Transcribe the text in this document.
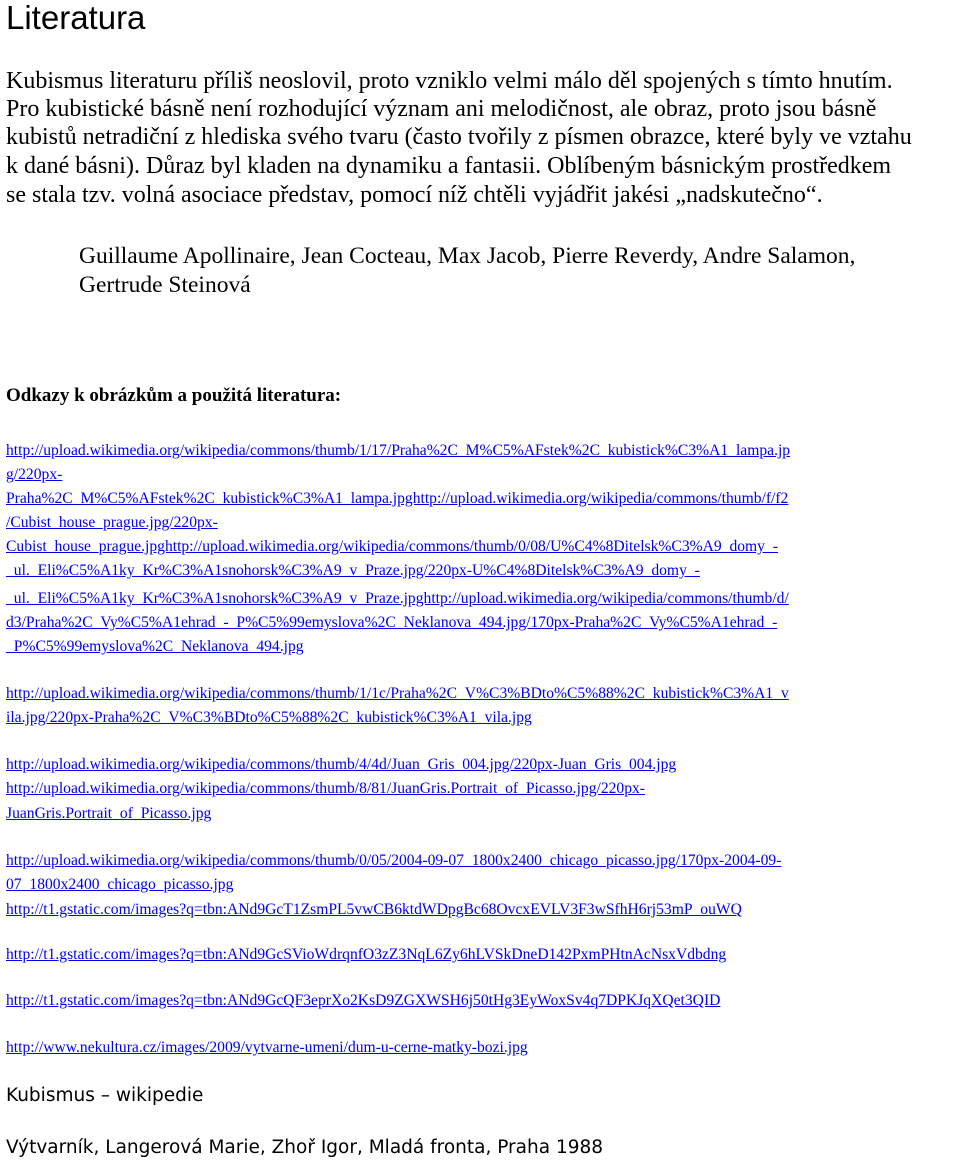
Literatura
Kubismus literaturu příliš neoslovil, proto vzniklo velmi málo děl spojených s tímto hnutím.
Pro kubistické básně není rozhodující význam ani melodičnost, ale obraz, proto jsou básně
kubistů netradiční z hlediska svého tvaru (často tvořily z písmen obrazce, které byly ve vztahu
k dané básni). Důraz byl kladen na dynamiku a fantasii. Oblíbeným básnickým prostředkem
se stala tzv. volná asociace představ, pomocí níž chtěli vyjádřit jakési „nadskutečno“.
Guillaume Apollinaire, Jean Cocteau, Max Jacob, Pierre Reverdy, Andre Salamon,
Gertrude Steinová
Odkazy k obrázkům a použitá literatura:
http://upload.wikimedia.org/wikipedia/commons/thumb/1/17/Praha%2C_M%C5%AFstek%2C_kubistick%C3%A1_lampa.jp
g/220px-
Praha%2C_M%C5%AFstek%2C_kubistick%C3%A1_lampa.jpghttp://upload.wikimedia.org/wikipedia/commons/thumb/f/f2
/Cubist_house_prague.jpg/220px-
Cubist_house_prague.jpghttp://upload.wikimedia.org/wikipedia/commons/thumb/0/08/U%C4%8Ditelsk%C3%A9_domy_-
_ul._Eli%C5%A1ky_Kr%C3%A1snohorsk%C3%A9_v_Praze.jpg/220px-U%C4%8Ditelsk%C3%A9_domy_-
_ul._Eli%C5%A1ky_Kr%C3%A1snohorsk%C3%A9_v_Praze.jpghttp://upload.wikimedia.org/wikipedia/commons/thumb/d/
d3/Praha%2C_Vy%C5%A1ehrad_-_P%C5%99emyslova%2C_Neklanova_494.jpg/170px-Praha%2C_Vy%C5%A1ehrad_-
_P%C5%99emyslova%2C_Neklanova_494.jpg
http://upload.wikimedia.org/wikipedia/commons/thumb/1/1c/Praha%2C_V%C3%BDto%C5%88%2C_kubistick%C3%A1_v
ila.jpg/220px-Praha%2C_V%C3%BDto%C5%88%2C_kubistick%C3%A1_vila.jpg
http://upload.wikimedia.org/wikipedia/commons/thumb/4/4d/Juan_Gris_004.jpg/220px-Juan_Gris_004.jpg
http://upload.wikimedia.org/wikipedia/commons/thumb/8/81/JuanGris.Portrait_of_Picasso.jpg/220px-
JuanGris.Portrait_of_Picasso.jpg
http://upload.wikimedia.org/wikipedia/commons/thumb/0/05/2004-09-07_1800x2400_chicago_picasso.jpg/170px-2004-09-
07_1800x2400_chicago_picasso.jpg
http://t1.gstatic.com/images?q=tbn:ANd9GcT1ZsmPL5vwCB6ktdWDpgBc68OvcxEVLV3F3wSfhH6rj53mP_ouWQ
http://t1.gstatic.com/images?q=tbn:ANd9GcSVioWdrqnfO3zZ3NqL6Zy6hLVSkDneD142PxmPHtnAcNsxVdbdng
http://t1.gstatic.com/images?q=tbn:ANd9GcQF3eprXo2KsD9ZGXWSH6j50tHg3EyWoxSv4q7DPKJqXQet3QID
http://www.nekultura.cz/images/2009/vytvarne-umeni/dum-u-cerne-matky-bozi.jpg
Kubismus – wikipedie
Výtvarník, Langerová Marie, Zhoř Igor, Mladá fronta, Praha 1988
